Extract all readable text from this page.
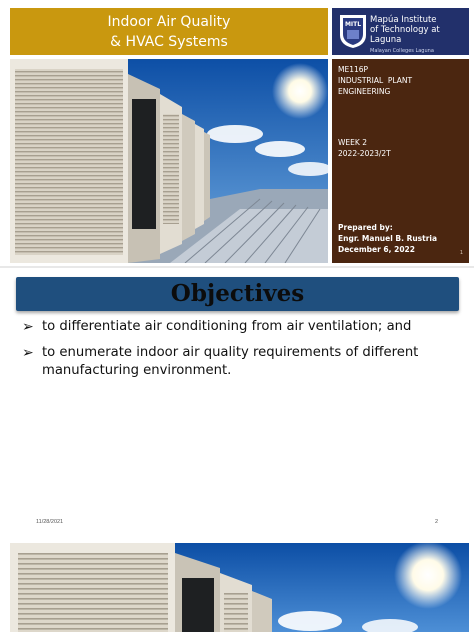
Indoor Air Quality
& HVAC Systems
MITL Mapúa Institute
of Technology at Laguna
Malayan Colleges Laguna
ME116P
INDUSTRIAL  PLANT
ENGINEERING
WEEK 2
2022-2023/2T
Prepared by:
Engr. Manuel B. Rustria
December 6, 2022	1
Objectives
➢ to differentiate air conditioning from air ventilation; and
➢ to enumerate indoor air quality requirements of different manufacturing environment.
11/28/2021	2
